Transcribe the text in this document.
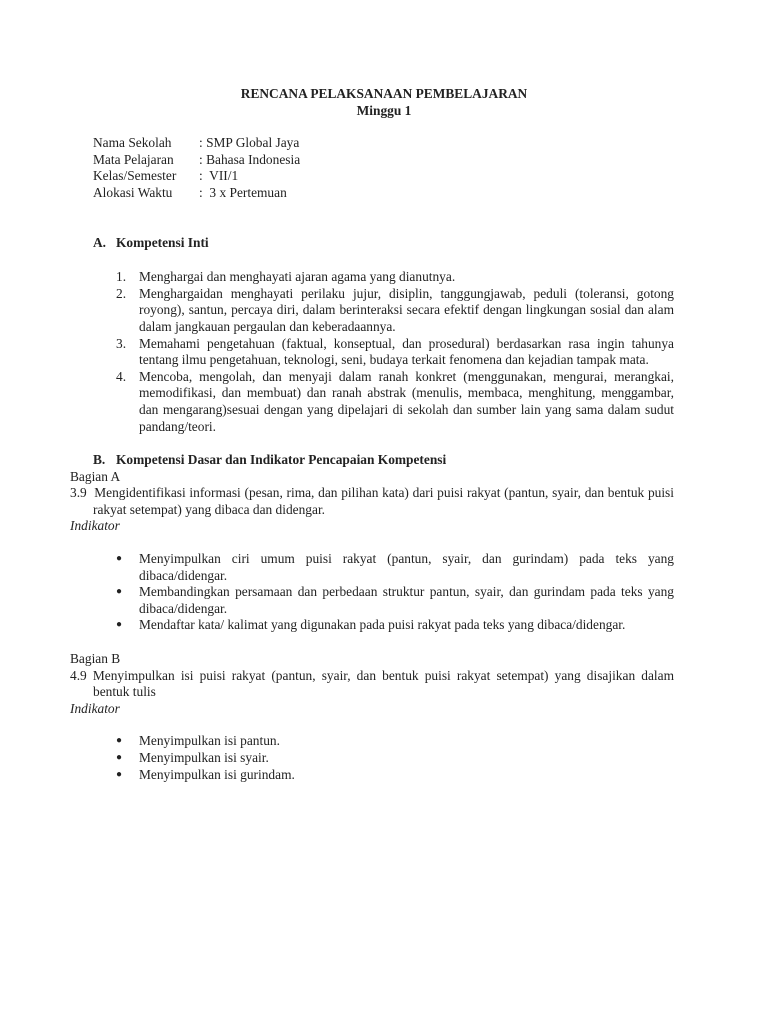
RENCANA PELAKSANAAN PEMBELAJARAN
Minggu 1
Nama Sekolah	: SMP Global Jaya
Mata Pelajaran	: Bahasa Indonesia
Kelas/Semester	:  VII/1
Alokasi Waktu	:  3 x Pertemuan
A. Kompetensi Inti
1. Menghargai dan menghayati ajaran agama yang dianutnya.
2. Menghargaidan menghayati perilaku jujur, disiplin, tanggungjawab, peduli (toleransi, gotong royong), santun, percaya diri, dalam berinteraksi secara efektif dengan lingkungan sosial dan alam dalam jangkauan pergaulan dan keberadaannya.
3. Memahami pengetahuan (faktual, konseptual, dan prosedural) berdasarkan rasa ingin tahunya tentang ilmu pengetahuan, teknologi, seni, budaya terkait fenomena dan kejadian tampak mata.
4. Mencoba, mengolah, dan menyaji dalam ranah konkret (menggunakan, mengurai, merangkai, memodifikasi, dan membuat) dan ranah abstrak (menulis, membaca, menghitung, menggambar, dan mengarang)sesuai dengan yang dipelajari di sekolah dan sumber lain yang sama dalam sudut pandang/teori.
B. Kompetensi Dasar dan Indikator Pencapaian Kompetensi
Bagian A
3.9 Mengidentifikasi informasi (pesan, rima, dan pilihan kata) dari puisi rakyat (pantun, syair, dan bentuk puisi rakyat setempat) yang dibaca dan didengar.
Indikator
● Menyimpulkan ciri umum puisi rakyat (pantun, syair, dan gurindam) pada teks yang dibaca/didengar.
● Membandingkan persamaan dan perbedaan struktur pantun, syair, dan gurindam pada teks yang dibaca/didengar.
● Mendaftar kata/ kalimat yang digunakan pada puisi rakyat pada teks yang dibaca/didengar.
Bagian B
4.9 Menyimpulkan isi puisi rakyat (pantun, syair, dan bentuk puisi rakyat setempat) yang disajikan dalam bentuk tulis
Indikator
● Menyimpulkan isi pantun.
● Menyimpulkan isi syair.
● Menyimpulkan isi gurindam.
